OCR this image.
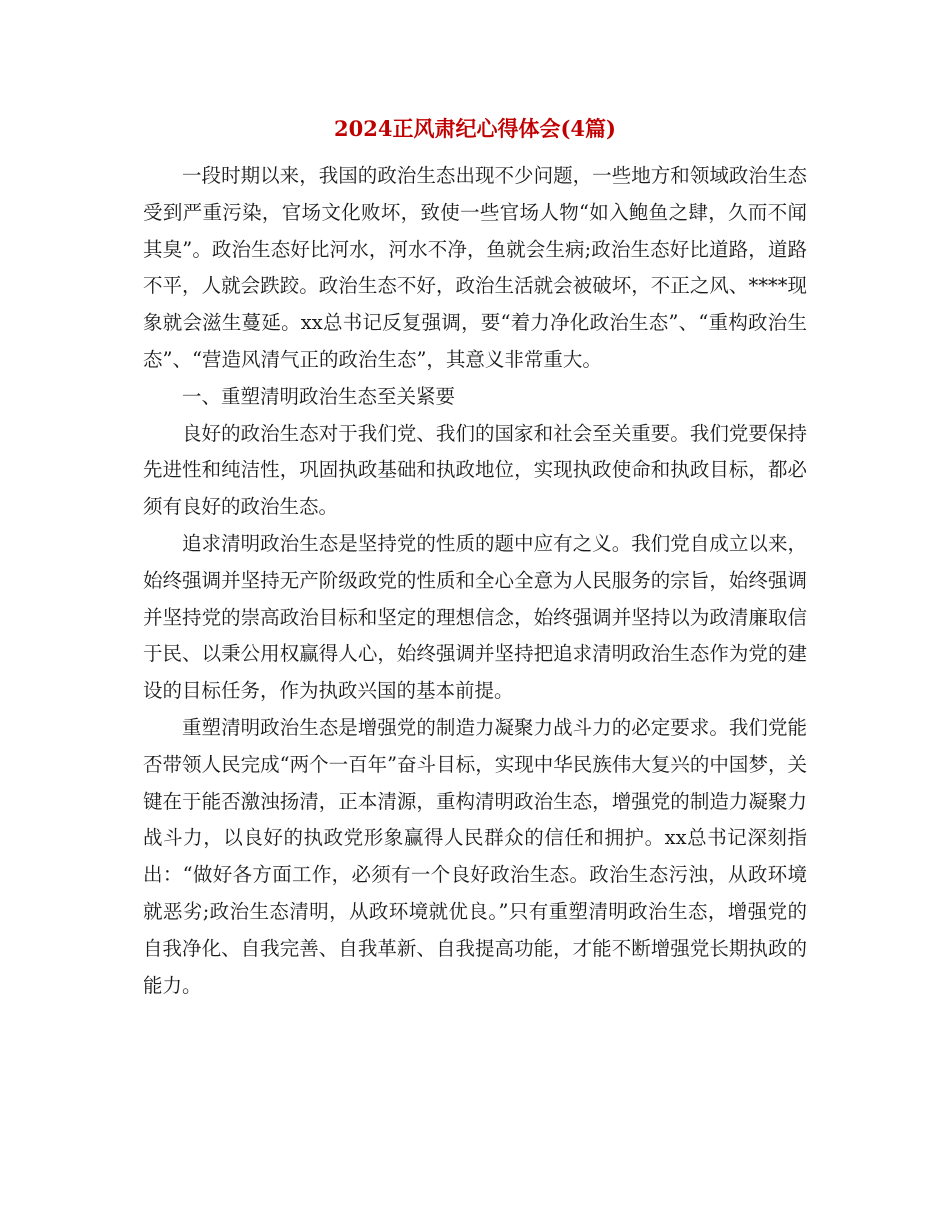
2024正风肃纪心得体会(4篇)

一段时期以来，我国的政治生态出现不少问题，一些地方和领域政治生态受到严重污染，官场文化败坏，致使一些官场人物“如入鲍鱼之肆，久而不闻其臭”。政治生态好比河水，河水不净，鱼就会生病;政治生态好比道路，道路不平，人就会跌跤。政治生态不好，政治生活就会被破坏，不正之风、****现象就会滋生蔓延。xx总书记反复强调，要“着力净化政治生态”、“重构政治生态”、“营造风清气正的政治生态”，其意义非常重大。

一、重塑清明政治生态至关紧要

良好的政治生态对于我们党、我们的国家和社会至关重要。我们党要保持先进性和纯洁性，巩固执政基础和执政地位，实现执政使命和执政目标，都必须有良好的政治生态。

追求清明政治生态是坚持党的性质的题中应有之义。我们党自成立以来，始终强调并坚持无产阶级政党的性质和全心全意为人民服务的宗旨，始终强调并坚持党的崇高政治目标和坚定的理想信念，始终强调并坚持以为政清廉取信于民、以秉公用权赢得人心，始终强调并坚持把追求清明政治生态作为党的建设的目标任务，作为执政兴国的基本前提。

重塑清明政治生态是增强党的制造力凝聚力战斗力的必定要求。我们党能否带领人民完成“两个一百年”奋斗目标，实现中华民族伟大复兴的中国梦，关键在于能否激浊扬清，正本清源，重构清明政治生态，增强党的制造力凝聚力战斗力，以良好的执政党形象赢得人民群众的信任和拥护。xx总书记深刻指出：“做好各方面工作，必须有一个良好政治生态。政治生态污浊，从政环境就恶劣;政治生态清明，从政环境就优良。”只有重塑清明政治生态，增强党的自我净化、自我完善、自我革新、自我提高功能，才能不断增强党长期执政的能力。
